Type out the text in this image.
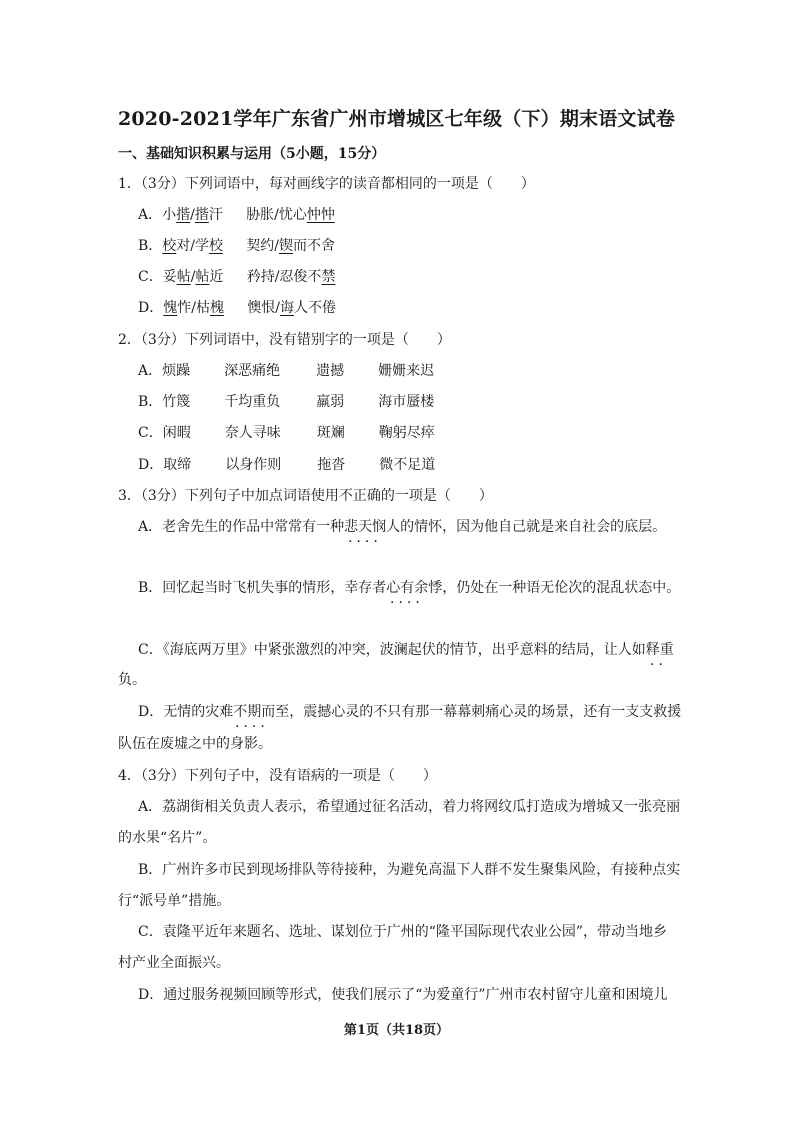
2020-2021学年广东省广州市增城区七年级（下）期末语文试卷
一、基础知识积累与运用（5小题，15分）
1．（3分）下列词语中，每对画线字的读音都相同的一项是（　　）
A．小揩/揩汗 胁胀/忧心忡忡
B．校对/学校 契约/锲而不舍
C．妥帖/帖近 矜持/忍俊不禁
D．愧怍/枯槐 懊恨/诲人不倦
2．（3分）下列词语中，没有错别字的一项是（　　）
A．烦躁 深恶痛绝	遗撼 姗姗来迟
B．竹篾 千均重负	羸弱 海市蜃楼
C．闲暇 奈人寻味	斑斓 鞠躬尽瘁
D．取缔 以身作则	拖沓 微不足道
3．（3分）下列句子中加点词语使用不正确的一项是（　　）
A．老舍先生的作品中常常有一种悲天悯人的情怀，因为他自己就是来自社会的底层。
····
B．回忆起当时飞机失事的情形，幸存者心有余悸，仍处在一种语无伦次的混乱状态中。
····
C．《海底两万里》中紧张激烈的冲突，波澜起伏的情节，出乎意料的结局，让人如释重
··
负。
D．无情的灾难不期而至，震撼心灵的不只有那一幕幕刺痛心灵的场景，还有一支支救援
····
队伍在废墟之中的身影。
4．（3分）下列句子中，没有语病的一项是（　　）
A．荔湖街相关负责人表示，希望通过征名活动，着力将网纹瓜打造成为增城又一张亮丽
的水果“名片”。
B．广州许多市民到现场排队等待接种，为避免高温下人群不发生聚集风险，有接种点实
行“派号单”措施。
C．袁隆平近年来题名、选址、谋划位于广州的“隆平国际现代农业公园”，带动当地乡
村产业全面振兴。
D．通过服务视频回顾等形式，使我们展示了“为爱童行”广州市农村留守儿童和困境儿
第1页（共18页）
